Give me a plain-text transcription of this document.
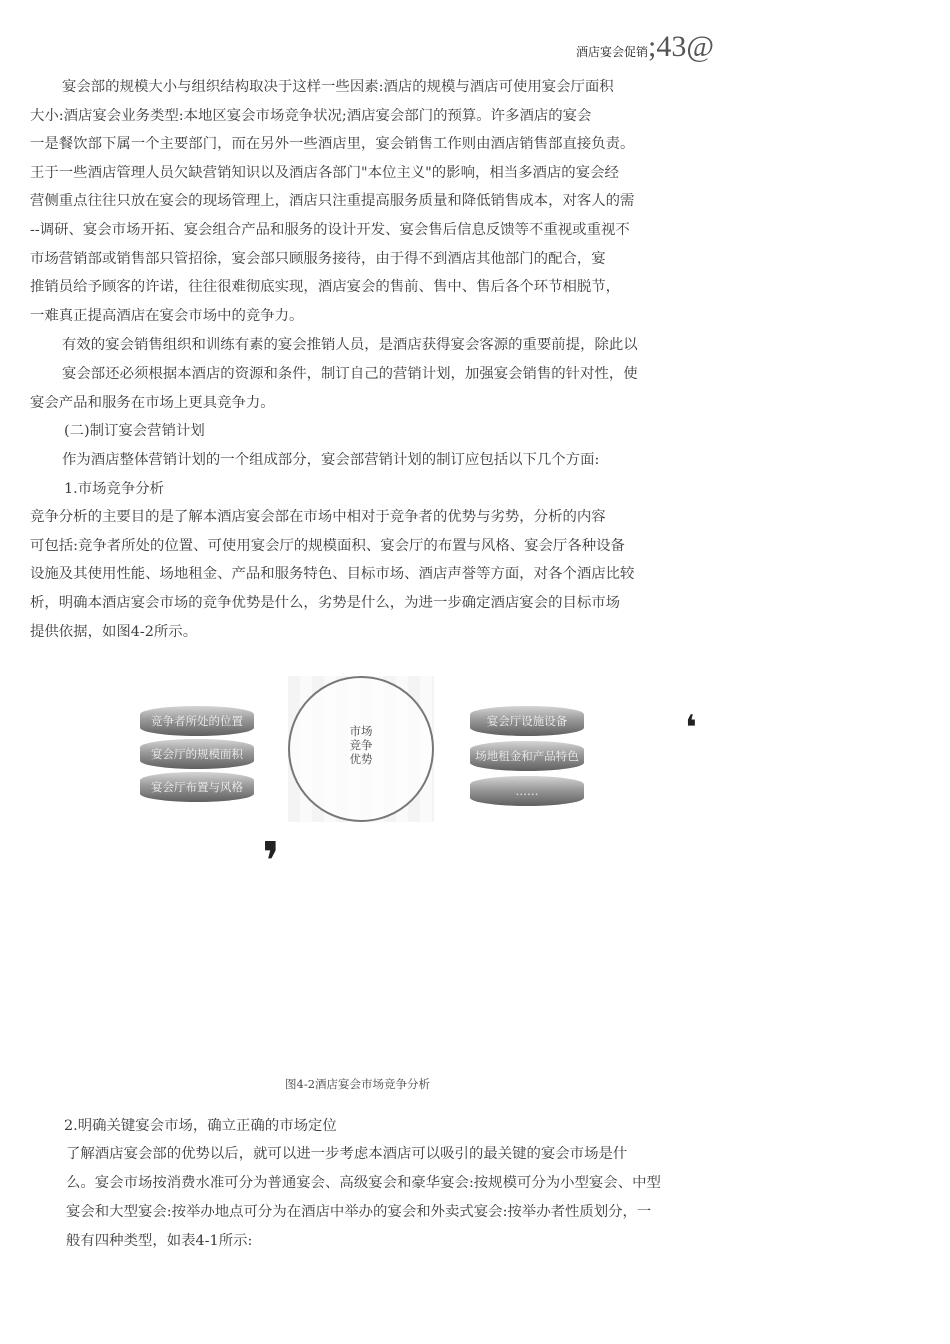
酒店宴会促销;43@
宴会部的规模大小与组织结构取决于这样一些因素:酒店的规模与酒店可使用宴会厅面积
大小:酒店宴会业务类型:本地区宴会市场竞争状况;酒店宴会部门的预算。许多酒店的宴会
一是餐饮部下属一个主要部门，而在另外一些酒店里，宴会销售工作则由酒店销售部直接负责。
王于一些酒店管理人员欠缺营销知识以及酒店各部门"本位主义"的影响，相当多酒店的宴会经
营侧重点往往只放在宴会的现场管理上，酒店只注重提高服务质量和降低销售成本，对客人的需
--调研、宴会市场开拓、宴会组合产品和服务的设计开发、宴会售后信息反馈等不重视或重视不
市场营销部或销售部只管招徐，宴会部只顾服务接待，由于得不到酒店其他部门的配合，宴
推销员给予顾客的许诺，往往很难彻底实现，酒店宴会的售前、售中、售后各个环节相脱节，
一难真正提高酒店在宴会市场中的竞争力。
有效的宴会销售组织和训练有素的宴会推销人员，是酒店获得宴会客源的重要前提，除此以
宴会部还必须根据本酒店的资源和条件，制订自己的营销计划，加强宴会销售的针对性，使
宴会产品和服务在市场上更具竞争力。
(二)制订宴会营销计划
作为酒店整体营销计划的一个组成部分，宴会部营销计划的制订应包括以下几个方面:
1.市场竞争分析
竞争分析的主要目的是了解本酒店宴会部在市场中相对于竞争者的优势与劣势，分析的内容
可包括:竞争者所处的位置、可使用宴会厅的规模面积、宴会厅的布置与风格、宴会厅各种设备
设施及其使用性能、场地租金、产品和服务特色、目标市场、酒店声誉等方面，对各个酒店比较
析，明确本酒店宴会市场的竞争优势是什么，劣势是什么，为进一步确定酒店宴会的目标市场
提供依据，如图4-2所示。
竞争者所处的位置
宴会厅的规模面积
宴会厅布置与风格
市场
竞争
优势
宴会厅设施设备
场地租金和产品特色
……
❛
❜
图4-2酒店宴会市场竞争分析
2.明确关键宴会市场，确立正确的市场定位
了解酒店宴会部的优势以后，就可以进一步考虑本酒店可以吸引的最关键的宴会市场是什
么。宴会市场按消费水准可分为普通宴会、高级宴会和豪华宴会:按规模可分为小型宴会、中型
宴会和大型宴会:按举办地点可分为在酒店中举办的宴会和外卖式宴会:按举办者性质划分，一
般有四种类型，如表4-1所示:
